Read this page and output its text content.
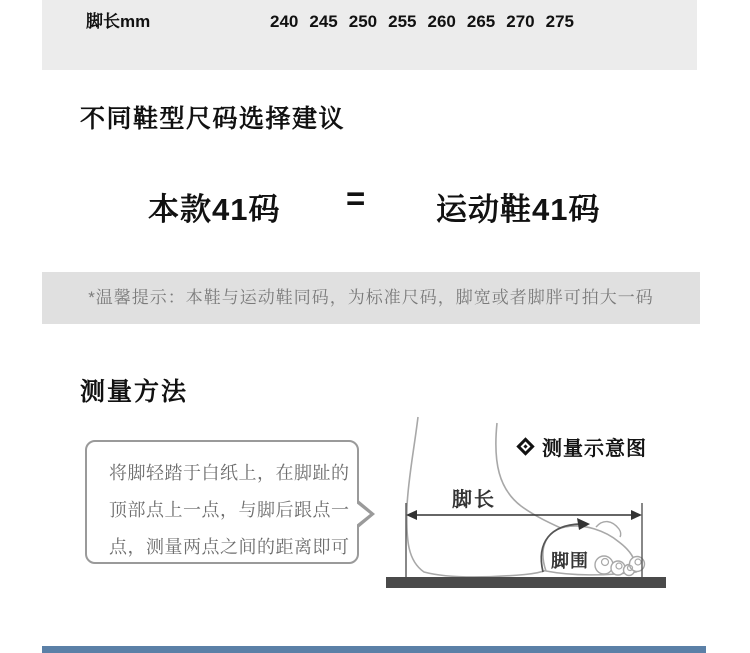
脚长mm	240 245 250 255 260 265 270 275
不同鞋型尺码选择建议
本款41码 = 运动鞋41码
*温馨提示：本鞋与运动鞋同码，为标准尺码，脚宽或者脚胖可拍大一码
测量方法
将脚轻踏于白纸上，在脚趾的
顶部点上一点，与脚后跟点一
点，测量两点之间的距离即可
测量示意图
脚长
脚围
